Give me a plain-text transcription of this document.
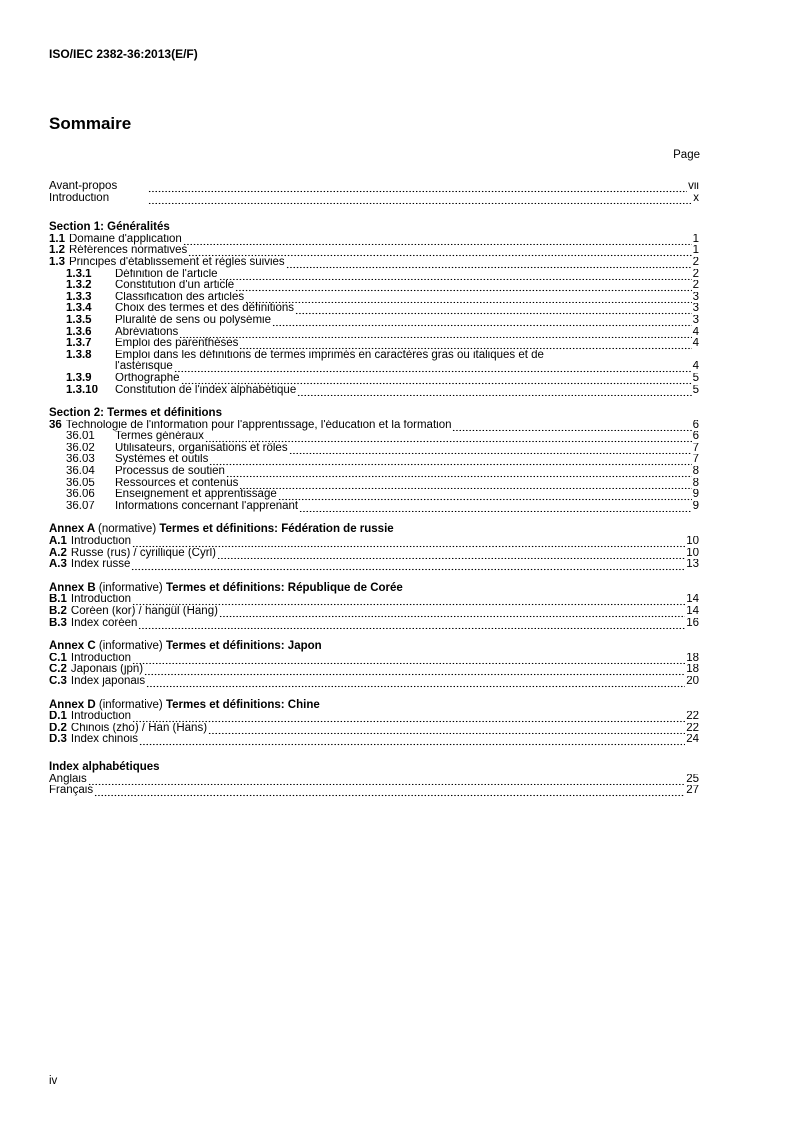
ISO/IEC 2382-36:2013(E/F)
Sommaire
Page
Avant-propos	vii
Introduction	x
Section 1: Généralités
1.1 Domaine d'application	1
1.2 Références normatives	1
1.3 Principes d'établissement et règles suivies	2
1.3.1	Définition de l'article	2
1.3.2	Constitution d'un article	2
1.3.3	Classification des articles	3
1.3.4	Choix des termes et des définitions	3
1.3.5	Pluralité de sens ou polysémie	3
1.3.6	Abréviations	4
1.3.7	Emploi des parenthèses	4
1.3.8	Emploi dans les définitions de termes imprimés en caractères gras ou italiques et de
l'astérisque	4
1.3.9	Orthographe	5
1.3.10	Constitution de l'index alphabétique	5
Section 2: Termes et définitions
36 Technologie de l'information pour l'apprentissage, l'éducation et la formation	6
36.01	Termes généraux	6
36.02	Utilisateurs, organisations et rôles	7
36.03	Systèmes et outils	7
36.04	Processus de soutien	8
36.05	Ressources et contenus	8
36.06	Enseignement et apprentissage	9
36.07	Informations concernant l'apprenant	9
Annex A (normative) Termes et définitions: Fédération de russie
A.1 Introduction	10
A.2 Russe (rus) / cyrillique (Cyrl)	10
A.3 Index russe	13
Annex B (informative) Termes et définitions: République de Corée
B.1 Introduction	14
B.2 Coréen (kor) / hangûl (Hang)	14
B.3 Index coréen	16
Annex C (informative) Termes et définitions: Japon
C.1 Introduction	18
C.2 Japonais (jpn)	18
C.3 Index japonais	20
Annex D (informative) Termes et définitions: Chine
D.1 Introduction	22
D.2 Chinois (zho) / Han (Hans)	22
D.3 Index chinois	24
Index alphabétiques
Anglais	25
Français	27
iv
